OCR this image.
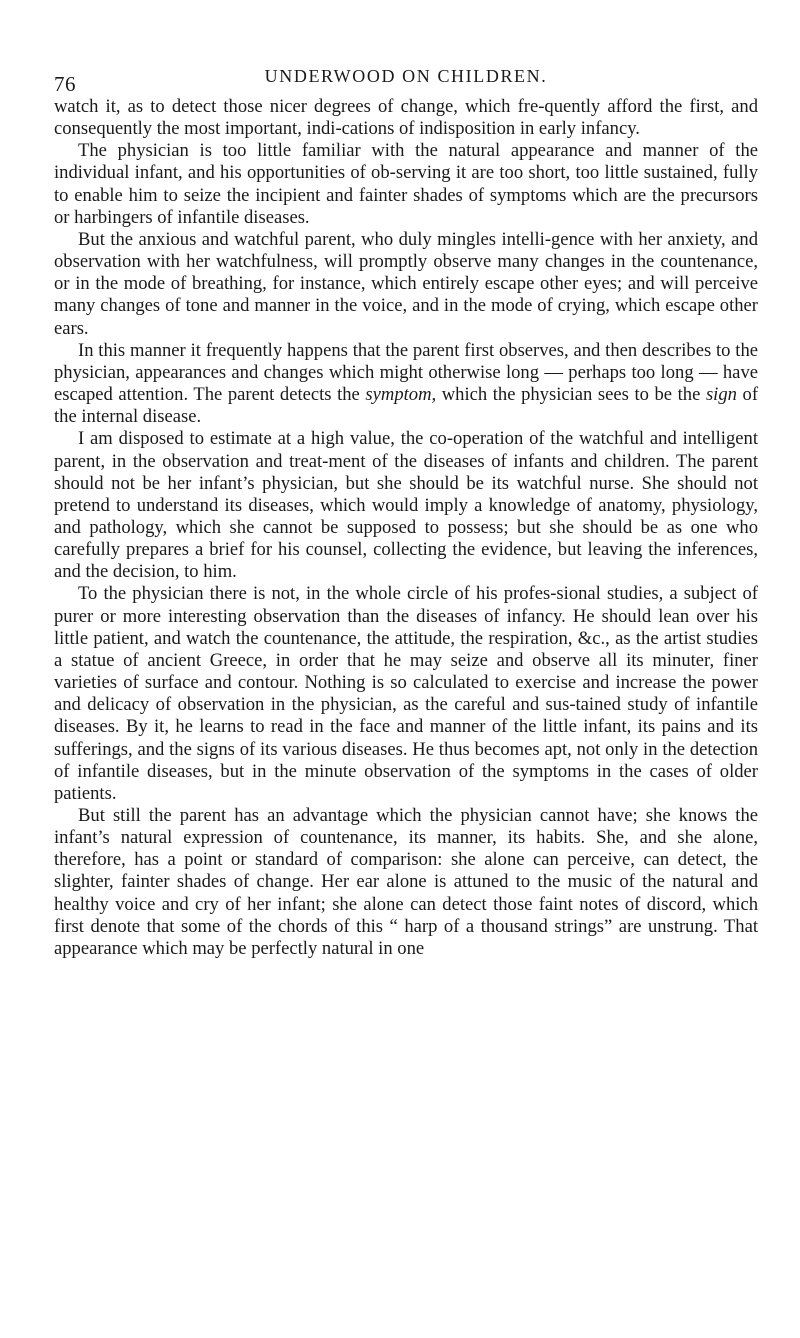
76	UNDERWOOD ON CHILDREN.

watch it, as to detect those nicer degrees of change, which fre-quently afford the first, and consequently the most important, indi-cations of indisposition in early infancy.

The physician is too little familiar with the natural appearance and manner of the individual infant, and his opportunities of ob-serving it are too short, too little sustained, fully to enable him to seize the incipient and fainter shades of symptoms which are the precursors or harbingers of infantile diseases.

But the anxious and watchful parent, who duly mingles intelli-gence with her anxiety, and observation with her watchfulness, will promptly observe many changes in the countenance, or in the mode of breathing, for instance, which entirely escape other eyes; and will perceive many changes of tone and manner in the voice, and in the mode of crying, which escape other ears.

In this manner it frequently happens that the parent first observes, and then describes to the physician, appearances and changes which might otherwise long — perhaps too long — have escaped attention. The parent detects the symptom, which the physician sees to be the sign of the internal disease.

I am disposed to estimate at a high value, the co-operation of the watchful and intelligent parent, in the observation and treat-ment of the diseases of infants and children. The parent should not be her infant’s physician, but she should be its watchful nurse. She should not pretend to understand its diseases, which would imply a knowledge of anatomy, physiology, and pathology, which she cannot be supposed to possess; but she should be as one who carefully prepares a brief for his counsel, collecting the evidence, but leaving the inferences, and the decision, to him.

To the physician there is not, in the whole circle of his profes-sional studies, a subject of purer or more interesting observation than the diseases of infancy. He should lean over his little patient, and watch the countenance, the attitude, the respiration, &c., as the artist studies a statue of ancient Greece, in order that he may seize and observe all its minuter, finer varieties of surface and contour. Nothing is so calculated to exercise and increase the power and delicacy of observation in the physician, as the careful and sus-tained study of infantile diseases. By it, he learns to read in the face and manner of the little infant, its pains and its sufferings, and the signs of its various diseases. He thus becomes apt, not only in the detection of infantile diseases, but in the minute observation of the symptoms in the cases of older patients.

But still the parent has an advantage which the physician cannot have; she knows the infant’s natural expression of countenance, its manner, its habits. She, and she alone, therefore, has a point or standard of comparison: she alone can perceive, can detect, the slighter, fainter shades of change. Her ear alone is attuned to the music of the natural and healthy voice and cry of her infant; she alone can detect those faint notes of discord, which first denote that some of the chords of this “ harp of a thousand strings” are unstrung. That appearance which may be perfectly natural in one
